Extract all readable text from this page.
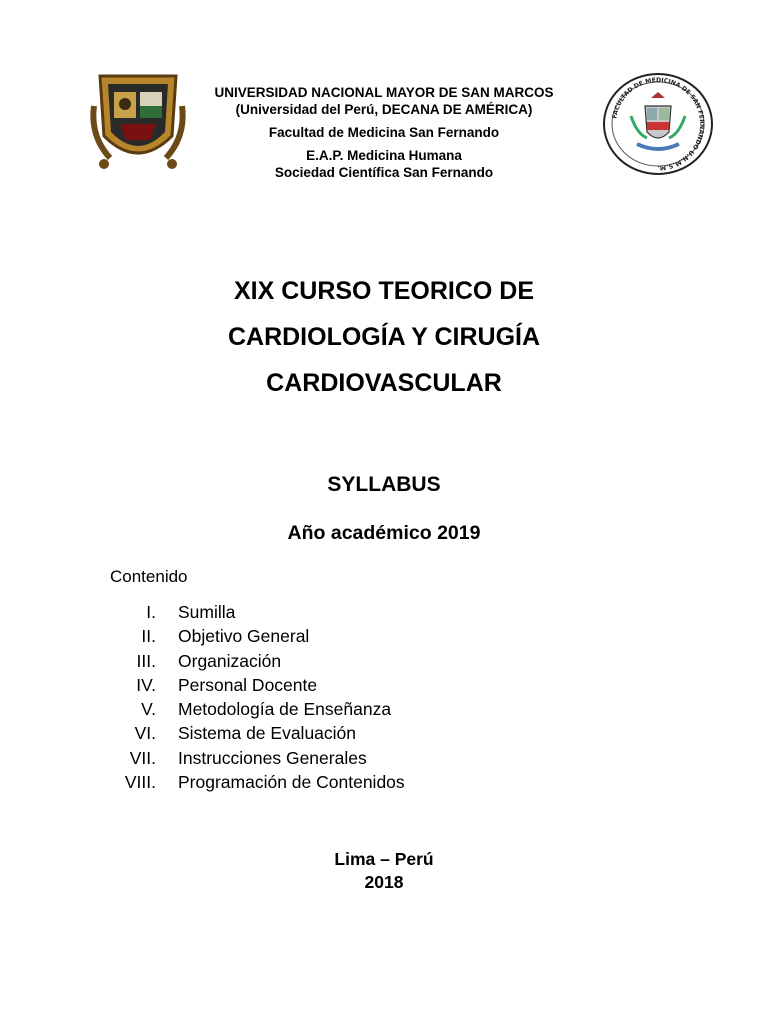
FACULTAD DE MEDICINA DE SAN FERNANDO U.N.M.S.M.
UNIVERSIDAD NACIONAL MAYOR DE SAN MARCOS
(Universidad del Perú, DECANA DE AMÉRICA)
Facultad de Medicina San Fernando
E.A.P. Medicina Humana
Sociedad Científica San Fernando
XIX CURSO TEORICO DE
CARDIOLOGÍA Y CIRUGÍA
CARDIOVASCULAR
SYLLABUS
Año académico 2019
Contenido
I. Sumilla
II. Objetivo General
III. Organización
IV. Personal Docente
V. Metodología de Enseñanza
VI. Sistema de Evaluación
VII. Instrucciones Generales
VIII. Programación de Contenidos
Lima – Perú
2018
